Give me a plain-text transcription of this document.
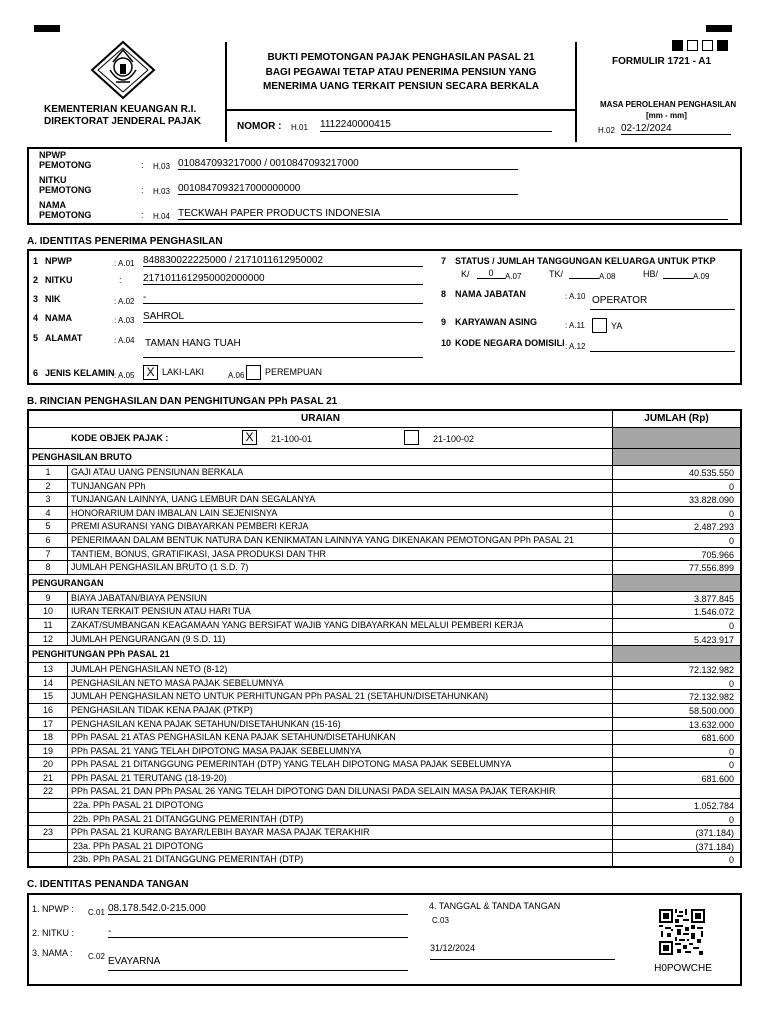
KEMENTERIAN KEUANGAN R.I.
DIREKTORAT JENDERAL PAJAK
BUKTI PEMOTONGAN PAJAK PENGHASILAN PASAL 21
BAGI PEGAWAI TETAP ATAU PENERIMA PENSIUN YANG
MENERIMA UANG TERKAIT PENSIUN SECARA BERKALA
NOMOR : H.01 1112240000415
FORMULIR 1721 - A1
MASA PEROLEHAN PENGHASILAN
[mm - mm]
H.02 02-12/2024
NPWP
PEMOTONG	: H.03 010847093217000 / 0010847093217000
NITKU
PEMOTONG	: H.03 0010847093217000000000
NAMA
PEMOTONG	: H.04 TECKWAH PAPER PRODUCTS INDONESIA
A. IDENTITAS PENERIMA PENGHASILAN
1 NPWP	: A.01 848830022225000 / 2171011612950002
2 NITKU	: 2171011612950002000000
3 NIK	: A.02 -
4 NAMA	: A.03 SAHROL
5 ALAMAT	: A.04 TAMAN HANG TUAH
6 JENIS KELAMIN : A.05 X LAKI-LAKI	A.06 PEREMPUAN
7 STATUS / JUMLAH TANGGUNGAN KELUARGA UNTUK PTKP
K/	0	A.07	TK/	A.08	HB/	A.09
8 NAMA JABATAN	: A.10 OPERATOR
9 KARYAWAN ASING	: A.11	YA
10 KODE NEGARA DOMISILI : A.12
B. RINCIAN PENGHASILAN DAN PENGHITUNGAN PPh PASAL 21
URAIAN	JUMLAH (Rp)
KODE OBJEK PAJAK :	X	21-100-01	21-100-02
PENGHASILAN BRUTO
1	GAJI ATAU UANG PENSIUNAN BERKALA	40.535.550
2	TUNJANGAN PPh	0
3	TUNJANGAN LAINNYA, UANG LEMBUR DAN SEGALANYA	33.828.090
4	HONORARIUM DAN IMBALAN LAIN SEJENISNYA	0
5	PREMI ASURANSI YANG DIBAYARKAN PEMBERI KERJA	2.487.293
6	PENERIMAAN DALAM BENTUK NATURA DAN KENIKMATAN LAINNYA YANG DIKENAKAN PEMOTONGAN PPh PASAL 21	0
7	TANTIEM, BONUS, GRATIFIKASI, JASA PRODUKSI DAN THR	705.966
8	JUMLAH PENGHASILAN BRUTO (1 S.D. 7)	77.556.899
PENGURANGAN
9	BIAYA JABATAN/BIAYA PENSIUN	3.877.845
10	IURAN TERKAIT PENSIUN ATAU HARI TUA	1.546.072
11	ZAKAT/SUMBANGAN KEAGAMAAN YANG BERSIFAT WAJIB YANG DIBAYARKAN MELALUI PEMBERI KERJA	0
12	JUMLAH PENGURANGAN (9 S.D. 11)	5.423.917
PENGHITUNGAN PPh PASAL 21
13	JUMLAH PENGHASILAN NETO (8-12)	72.132.982
14	PENGHASILAN NETO MASA PAJAK SEBELUMNYA	0
15	JUMLAH PENGHASILAN NETO UNTUK PERHITUNGAN PPh PASAL 21 (SETAHUN/DISETAHUNKAN)	72.132.982
16	PENGHASILAN TIDAK KENA PAJAK (PTKP)	58.500.000
17	PENGHASILAN KENA PAJAK SETAHUN/DISETAHUNKAN (15-16)	13.632.000
18	PPh PASAL 21 ATAS PENGHASILAN KENA PAJAK SETAHUN/DISETAHUNKAN	681.600
19	PPh PASAL 21 YANG TELAH DIPOTONG MASA PAJAK SEBELUMNYA	0
20	PPh PASAL 21 DITANGGUNG PEMERINTAH (DTP) YANG TELAH DIPOTONG MASA PAJAK SEBELUMNYA	0
21	PPh PASAL 21 TERUTANG (18-19-20)	681.600
22	PPh PASAL 21 DAN PPh PASAL 26 YANG TELAH DIPOTONG DAN DILUNASI PADA SELAIN MASA PAJAK TERAKHIR
22a. PPh PASAL 21 DIPOTONG	1.052.784
22b. PPh PASAL 21 DITANGGUNG PEMERINTAH (DTP)	0
23	PPh PASAL 21 KURANG BAYAR/LEBIH BAYAR MASA PAJAK TERAKHIR	(371.184)
23a. PPh PASAL 21 DIPOTONG	(371.184)
23b. PPh PASAL 21 DITANGGUNG PEMERINTAH (DTP)	0
C. IDENTITAS PENANDA TANGAN
1. NPWP : C.01 08.178.542.0-215.000
2. NITKU :	-
3. NAMA : C.02 EVAYARNA
4. TANGGAL & TANDA TANGAN
C.03
31/12/2024
H0POWCHE
